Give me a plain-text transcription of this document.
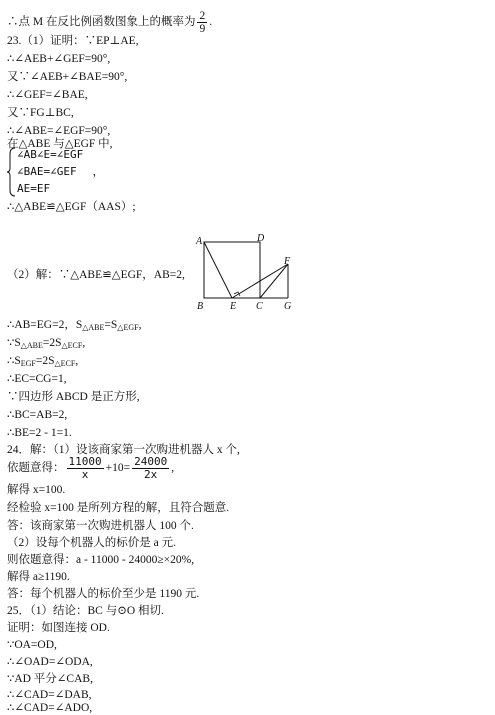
∴点 M 在反比例函数图象上的概率为 $\frac{2}{9}$ .
23.（1）证明：∵EP⊥AE,
∴∠AEB+∠GEF=90°,
又∵∠AEB+∠BAE=90°,
∴∠GEF=∠BAE,
又∵FG⊥BC,
∴∠ABE=∠EGF=90°,
在△ABE 与△EGF 中,
∠AB∠E=∠EGF
∠BAE=∠GEF ，
AE=EF
∴△ABE≌△EGF（AAS）;
（2）解：∵△ABE≌△EGF，AB=2,
A	D
F
B	E C G
∴AB=EG=2，$S_{\triangle ABE}=S_{\triangle EGF}$,
$\because S_{\triangle ABE}=2S_{\triangle ECF}$,
$\therefore S_{EGF}=2S_{\triangle ECF}$,
∴EC=CG=1,
∵四边形 ABCD 是正方形,
∴BC=AB=2,
∴BE=2 - 1=1.
24．解：（1）设该商家第一次购进机器人 x 个,
依题意得： $\frac{11000}{x} +10= \frac{24000}{2x}$ ,
解得 x=100.
经检验 x=100 是所列方程的解，且符合题意.
答：该商家第一次购进机器人 100 个.
（2）设每个机器人的标价是 a 元.
则依题意得：a - 11000 - 24000≥×20%,
解得 a≥1190.
答：每个机器人的标价至少是 1190 元.
25．（1）结论：BC 与⊙O 相切.
证明：如图连接 OD.
∵OA=OD,
∴∠OAD=∠ODA,
∵AD 平分∠CAB,
∴∠CAD=∠DAB,
∴∠CAD=∠ADO,
